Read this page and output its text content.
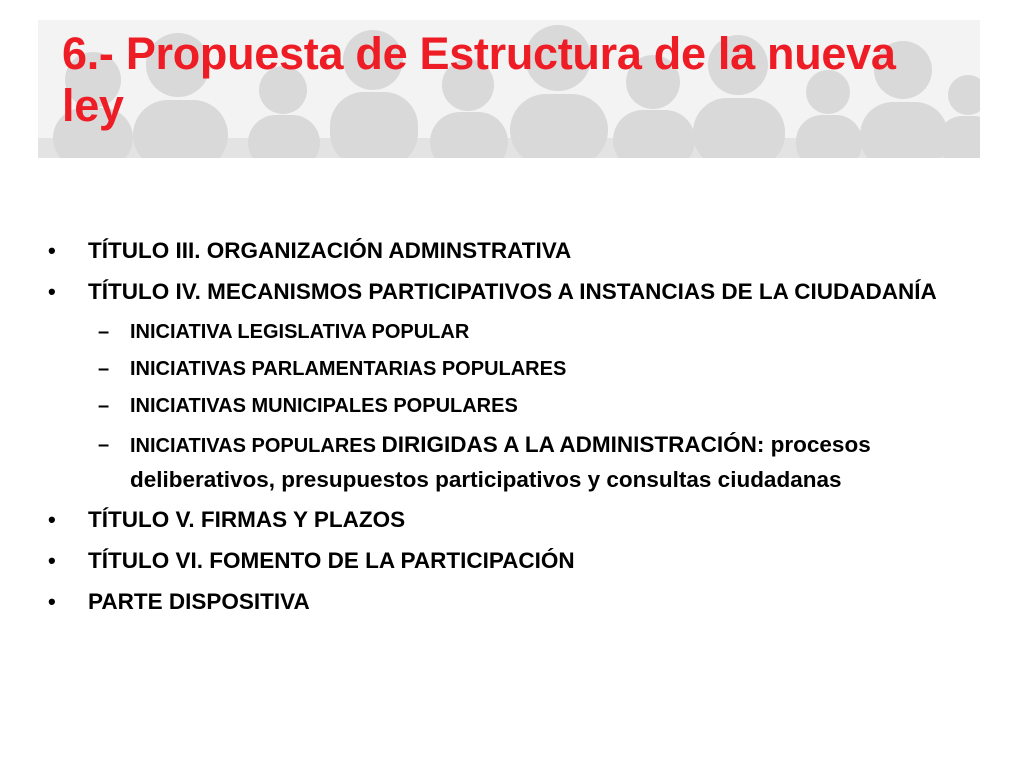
6.- Propuesta de Estructura de la nueva ley
• TÍTULO III. ORGANIZACIÓN ADMINSTRATIVA
• TÍTULO IV. MECANISMOS PARTICIPATIVOS A INSTANCIAS DE LA CIUDADANÍA
– INICIATIVA LEGISLATIVA POPULAR
– INICIATIVAS PARLAMENTARIAS POPULARES
– INICIATIVAS MUNICIPALES POPULARES
– INICIATIVAS POPULARES DIRIGIDAS A LA ADMINISTRACIÓN: procesos deliberativos, presupuestos participativos y consultas ciudadanas
• TÍTULO V. FIRMAS Y PLAZOS
• TÍTULO VI. FOMENTO DE LA PARTICIPACIÓN
• PARTE DISPOSITIVA
